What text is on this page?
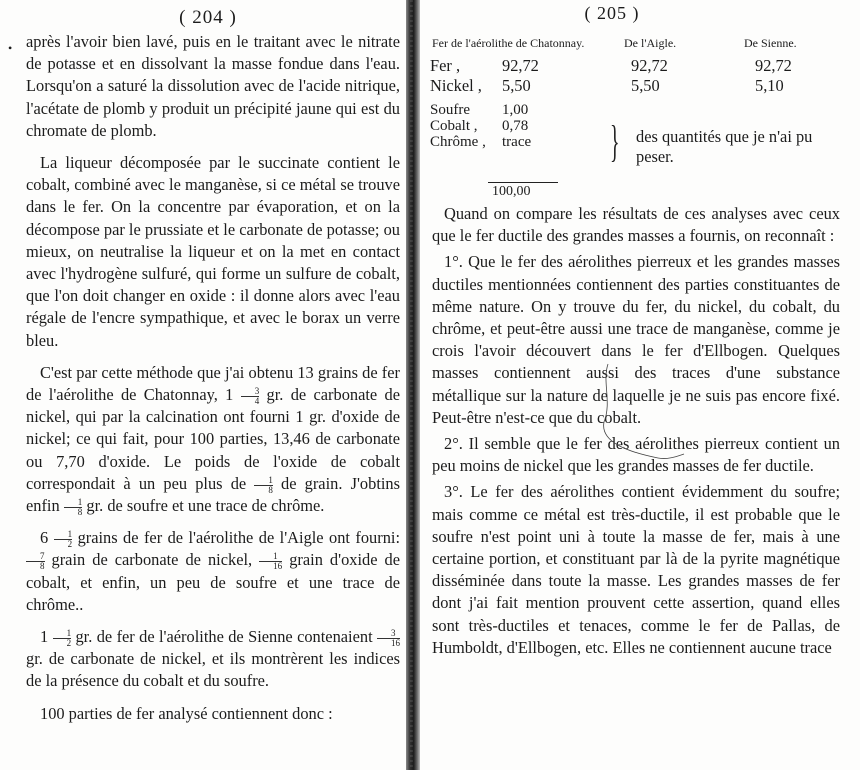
( 204 )
• après l'avoir bien lavé, puis en le traitant avec le nitrate de potasse et en dissolvant la masse fondue dans l'eau. Lorsqu'on a saturé la dissolution avec de l'acide nitrique, l'acétate de plomb y produit un précipité jaune qui est du chromate de plomb.

La liqueur décomposée par le succinate contient le cobalt, combiné avec le manganèse, si ce métal se trouve dans le fer. On la concentre par évaporation, et on la décompose par le prussiate et le carbonate de potasse; ou mieux, on neutralise la liqueur et on la met en contact avec l'hydrogène sulfuré, qui forme un sulfure de cobalt, que l'on doit changer en oxide : il donne alors avec l'eau régale de l'encre sympathique, et avec le borax un verre bleu.

C'est par cette méthode que j'ai obtenu 13 grains de fer de l'aérolithe de Chatonnay, $1 \frac{3}{4}$ gr. de carbonate de nickel, qui par la calcination ont fourni 1 gr. d'oxide de nickel; ce qui fait, pour 100 parties, 13,46 de carbonate ou 7,70 d'oxide. Le poids de l'oxide de cobalt correspondait à un peu plus de $\frac{1}{8}$ de grain. J'obtins enfin $\frac{1}{8}$ gr. de soufre et une trace de chrôme.

$6 \frac{1}{2}$ grains de fer de l'aérolithe de l'Aigle ont fourni:
$\frac{7}{8}$ grain de carbonate de nickel, $\frac{1}{16}$ grain d'oxide de cobalt, et enfin, un peu de soufre et une trace de chrôme..

$1 \frac{1}{2}$ gr. de fer de l'aérolithe de Sienne contenaient $\frac{3}{16}$
gr. de carbonate de nickel, et ils montrèrent les indices de la présence du cobalt et du soufre.

100 parties de fer analysé contiennent donc :

( 205 )
Fer de l'aérolithe de Chatonnay.	De l'Aigle.	De Sienne.
Fer ,	92,72	92,72	92,72
Nickel , 5,50	5,50	5,10
Soufre 1,00
Cobalt , 0,78
Chrôme , trace } des quantités que je n'ai pu peser.
100,00

Quand on compare les résultats de ces analyses avec ceux que le fer ductile des grandes masses a fournis, on reconnaît :

1°. Que le fer des aérolithes pierreux et les grandes masses ductiles mentionnées contiennent des parties constituantes de même nature. On y trouve du fer, du nickel, du cobalt, du chrôme, et peut-être aussi une trace de manganèse, comme je crois l'avoir découvert dans le fer d'Ellbogen. Quelques masses contiennent aussi des traces d'une substance métallique sur la nature de laquelle je ne suis pas encore fixé. Peut-être n'est-ce que du cobalt.

2°. Il semble que le fer des aérolithes pierreux contient un peu moins de nickel que les grandes masses de fer ductile.

3°. Le fer des aérolithes contient évidemment du soufre; mais comme ce métal est très-ductile, il est probable que le soufre n'est point uni à toute la masse de fer, mais à une certaine portion, et constituant par là de la pyrite magnétique disséminée dans toute la masse. Les grandes masses de fer dont j'ai fait mention prouvent cette assertion, quand elles sont très-ductiles et tenaces, comme le fer de Pallas, de Humboldt, d'Ellbogen, etc. Elles ne contiennent aucune trace
